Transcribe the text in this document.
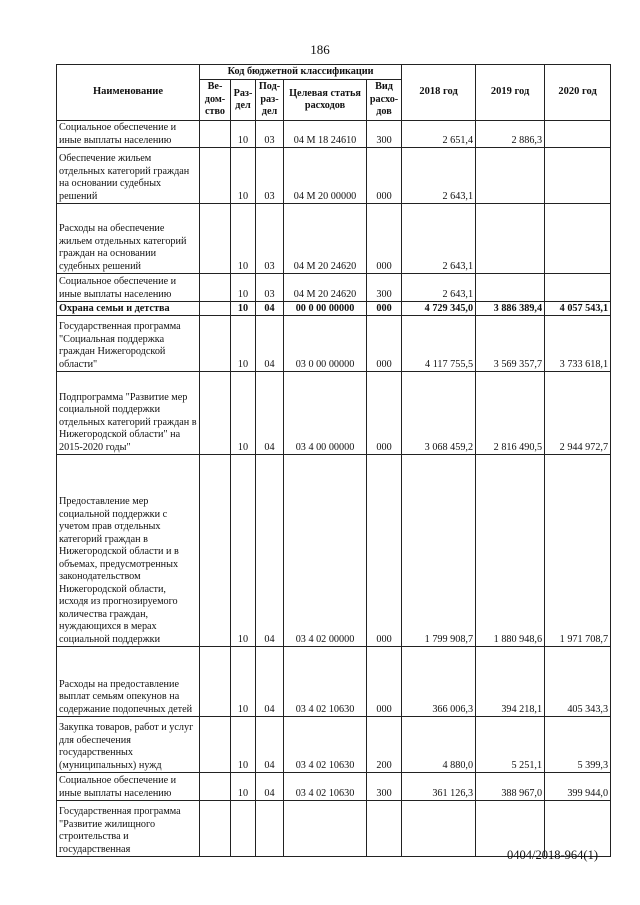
186
Наименование	Код бюджетной классификации					2018 год	2019 год	2020 год
	Ве-дом-ство	Раз-дел	Под-раз-дел	Целевая статья расходов	Вид расхо-дов			
Социальное обеспечение и иные выплаты населению		10	03	04 М 18 24610	300	2 651,4	2 886,3	
Обеспечение жильем отдельных категорий граждан на основании судебных решений		10	03	04 М 20 00000	000	2 643,1		
Расходы на обеспечение жильем отдельных категорий граждан на основании судебных решений		10	03	04 М 20 24620	000	2 643,1		
Социальное обеспечение и иные выплаты населению		10	03	04 М 20 24620	300	2 643,1		
Охрана семьи и детства		10	04	00 0 00 00000	000	4 729 345,0	3 886 389,4	4 057 543,1
Государственная программа "Социальная поддержка граждан Нижегородской области"		10	04	03 0 00 00000	000	4 117 755,5	3 569 357,7	3 733 618,1
Подпрограмма "Развитие мер социальной поддержки отдельных категорий граждан в Нижегородской области" на 2015-2020 годы"		10	04	03 4 00 00000	000	3 068 459,2	2 816 490,5	2 944 972,7
Предоставление мер социальной поддержки с учетом прав отдельных категорий граждан в Нижегородской области и в объемах, предусмотренных законодательством Нижегородской области, исходя из прогнозируемого количества граждан, нуждающихся в мерах социальной поддержки		10	04	03 4 02 00000	000	1 799 908,7	1 880 948,6	1 971 708,7
Расходы на предоставление выплат семьям опекунов на содержание подопечных детей		10	04	03 4 02 10630	000	366 006,3	394 218,1	405 343,3
Закупка товаров, работ и услуг для обеспечения государственных (муниципальных) нужд		10	04	03 4 02 10630	200	4 880,0	5 251,1	5 399,3
Социальное обеспечение и иные выплаты населению		10	04	03 4 02 10630	300	361 126,3	388 967,0	399 944,0
Государственная программа "Развитие жилищного строительства и государственная									0404/2018-964(1)
